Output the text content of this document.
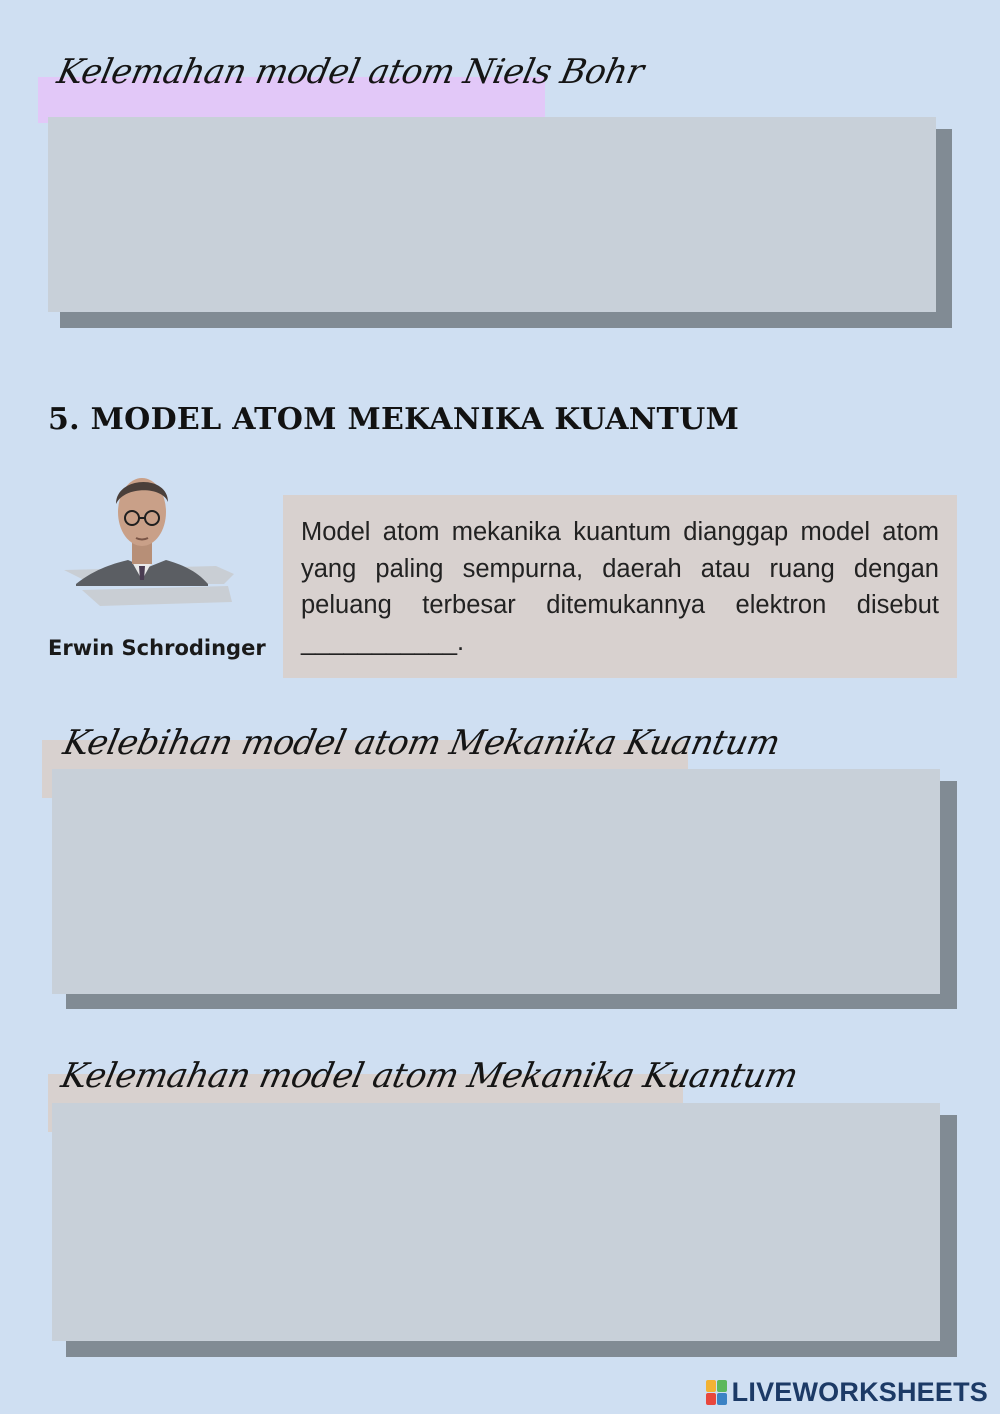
Kelemahan model atom Niels Bohr
5. MODEL ATOM MEKANIKA KUANTUM
Erwin Schrodinger

Model atom mekanika kuantum dianggap model atom yang paling sempurna, daerah atau ruang dengan peluang terbesar ditemukannya elektron disebut ___________.

Kelebihan model atom Mekanika Kuantum
Kelemahan model atom Mekanika Kuantum
LIVEWORKSHEETS
